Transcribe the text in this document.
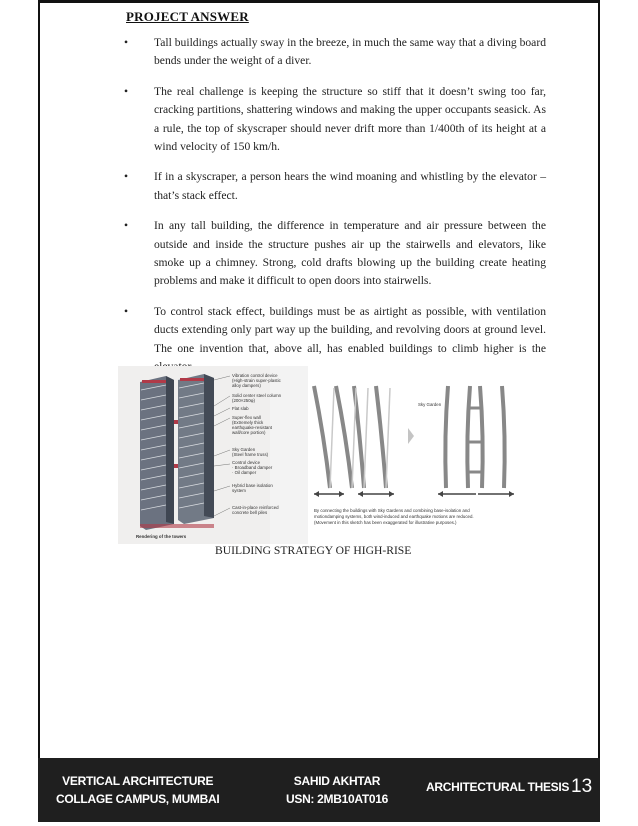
PROJECT ANSWER
• Tall buildings actually sway in the breeze, in much the same way that a diving board bends under the weight of a diver.
• The real challenge is keeping the structure so stiff that it doesn’t swing too far, cracking partitions, shattering windows and making the upper occupants seasick. As a rule, the top of skyscraper should never drift more than 1/400th of its height at a wind velocity of 150 km/h.
• If in a skyscraper, a person hears the wind moaning and whistling by the elevator – that’s stack effect.
• In any tall building, the difference in temperature and air pressure between the outside and inside the structure pushes air up the stairwells and elevators, like smoke up a chimney. Strong, cold drafts blowing up the building create heating problems and make it difficult to open doors into stairwells.
• To control stack effect, buildings must be as airtight as possible, with ventilation ducts extending only part way up the building, and revolving doors at ground level. The one invention that, above all, has enabled buildings to climb higher is the
Vibration control device
(High-strain super-plastic
alloy dampers)
Solid center steel column
(200×250φ)
Flat slab
Super-flex wall
(Extremely thick
earthquake-resistant
wall/core portion)
Sky Garden
(Steel frame truss)
Control device
· Broadband damper
· Oil damper
Hybrid base isolation
system
Cast-in-place reinforced
concrete bell piles
Rendering of the towers
Sky Garden
By connecting the buildings with Sky Gardens and combining base-isolation and
motiondamping systems, both wind-induced and earthquake motions are reduced.
(Movement in this sketch has been exaggerated for illustrative purposes.)
BUILDING STRATEGY OF HIGH-RISE
VERTICAL ARCHITECTURE
COLLAGE CAMPUS, MUMBAI
SAHID AKHTAR
USN: 2MB10AT016
ARCHITECTURAL THESIS 13
